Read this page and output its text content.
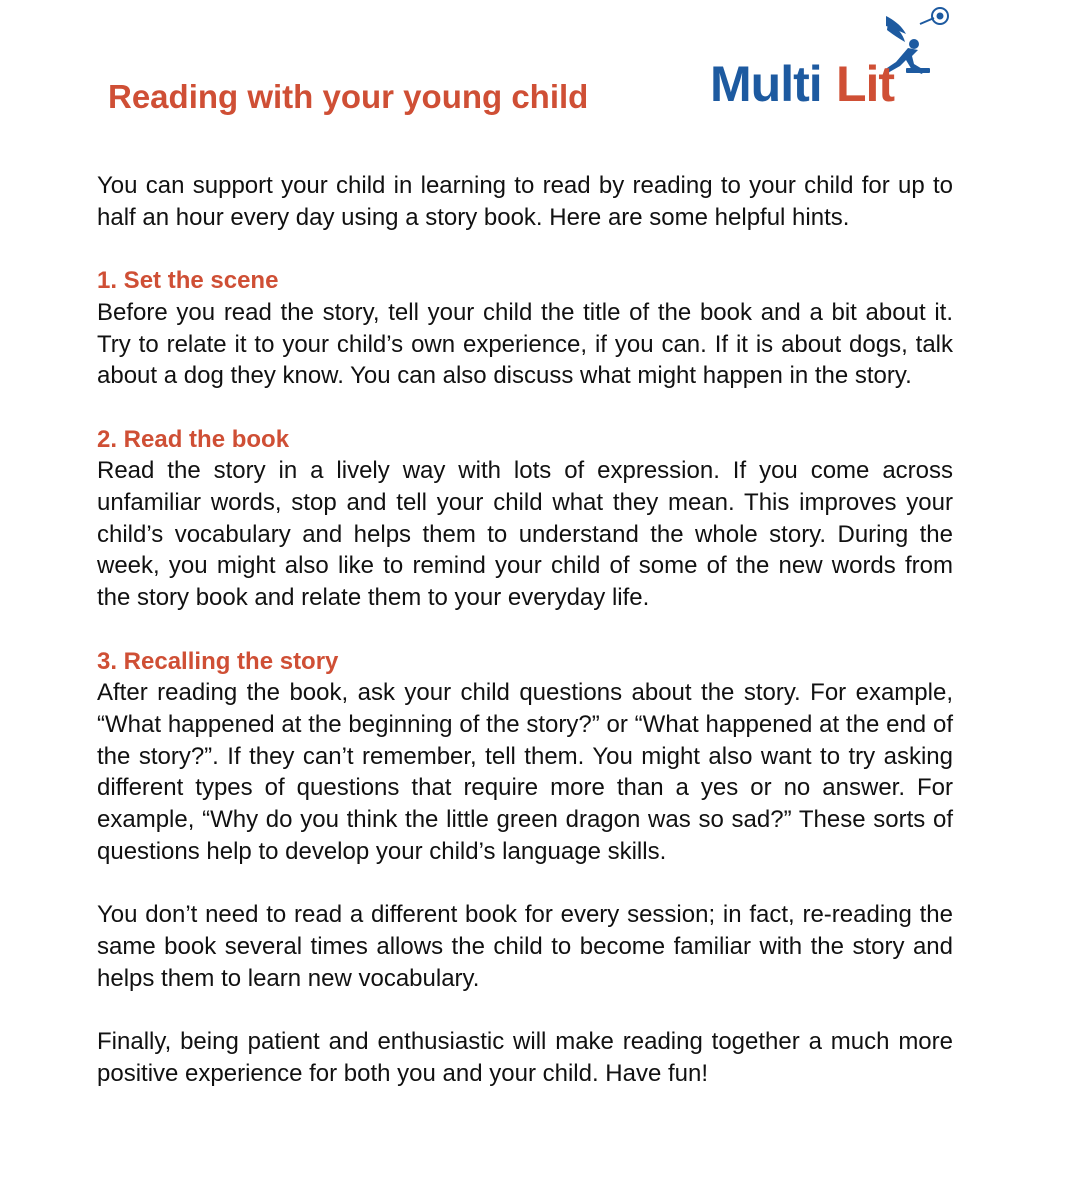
Reading with your young child Multi Lit

You can support your child in learning to read by reading to your child for up to half an hour every day using a story book. Here are some helpful hints.

1. Set the scene

Before you read the story, tell your child the title of the book and a bit about it. Try to relate it to your child’s own experience, if you can. If it is about dogs, talk about a dog they know. You can also discuss what might happen in the story.

2. Read the book

Read the story in a lively way with lots of expression. If you come across unfamiliar words, stop and tell your child what they mean. This improves your child’s vocabulary and helps them to understand the whole story. During the week, you might also like to remind your child of some of the new words from the story book and relate them to your everyday life.

3. Recalling the story

After reading the book, ask your child questions about the story. For example, “What happened at the beginning of the story?” or “What happened at the end of the story?”. If they can’t remember, tell them. You might also want to try asking different types of questions that require more than a yes or no answer. For example, “Why do you think the little green dragon was so sad?” These sorts of questions help to develop your child’s language skills.

You don’t need to read a different book for every session; in fact, re-reading the same book several times allows the child to become familiar with the story and helps them to learn new vocabulary.

Finally, being patient and enthusiastic will make reading together a much more positive experience for both you and your child. Have fun!
